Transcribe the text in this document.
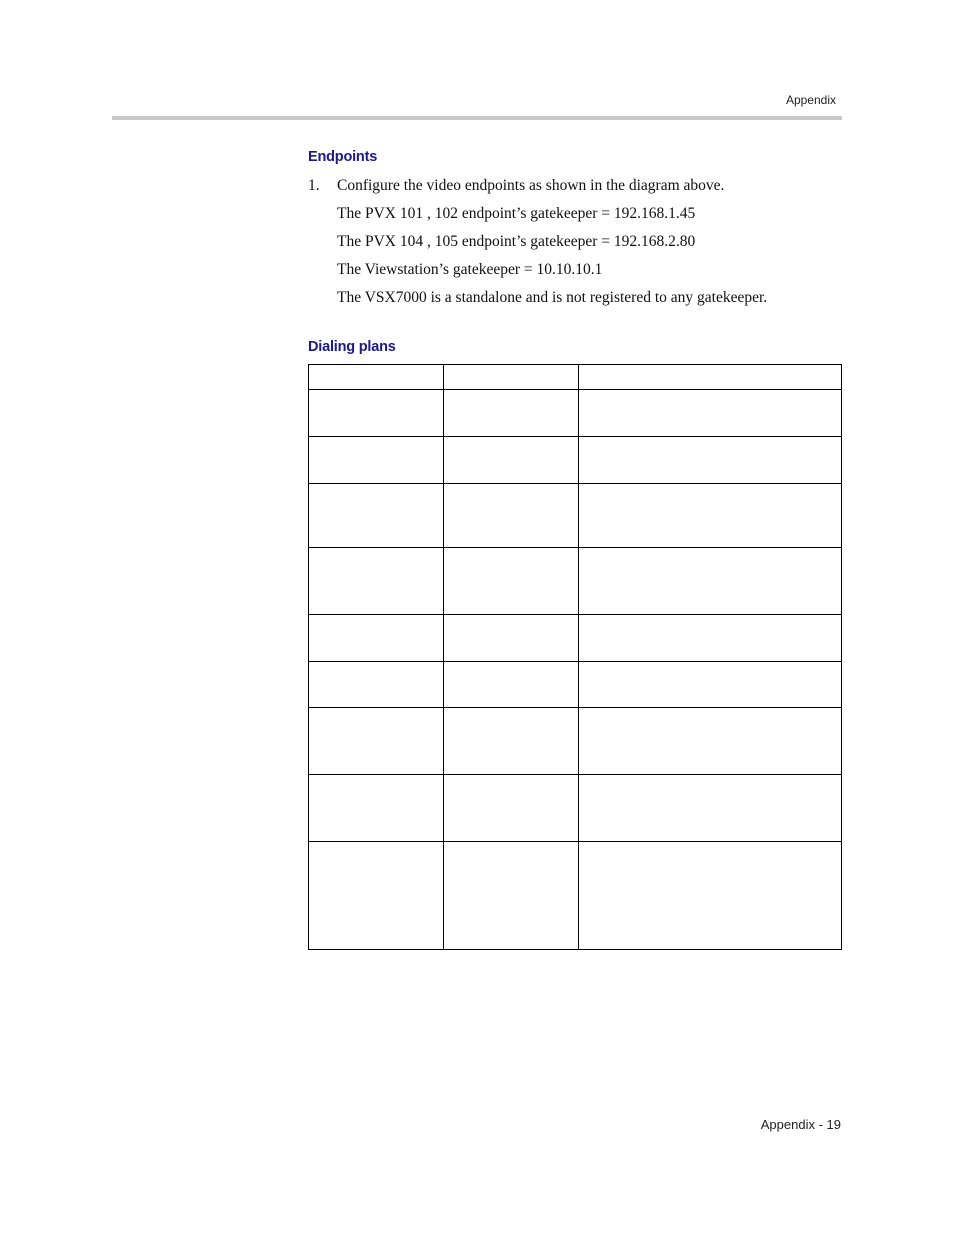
Appendix
Endpoints
1. Configure the video endpoints as shown in the diagram above.
The PVX 101 , 102 endpoint’s gatekeeper = 192.168.1.45
The PVX 104 , 105 endpoint’s gatekeeper = 192.168.2.80
The Viewstation’s gatekeeper = 10.10.10.1
The VSX7000 is a standalone and is not registered to any gatekeeper.
Dialing plans

Appendix - 19
